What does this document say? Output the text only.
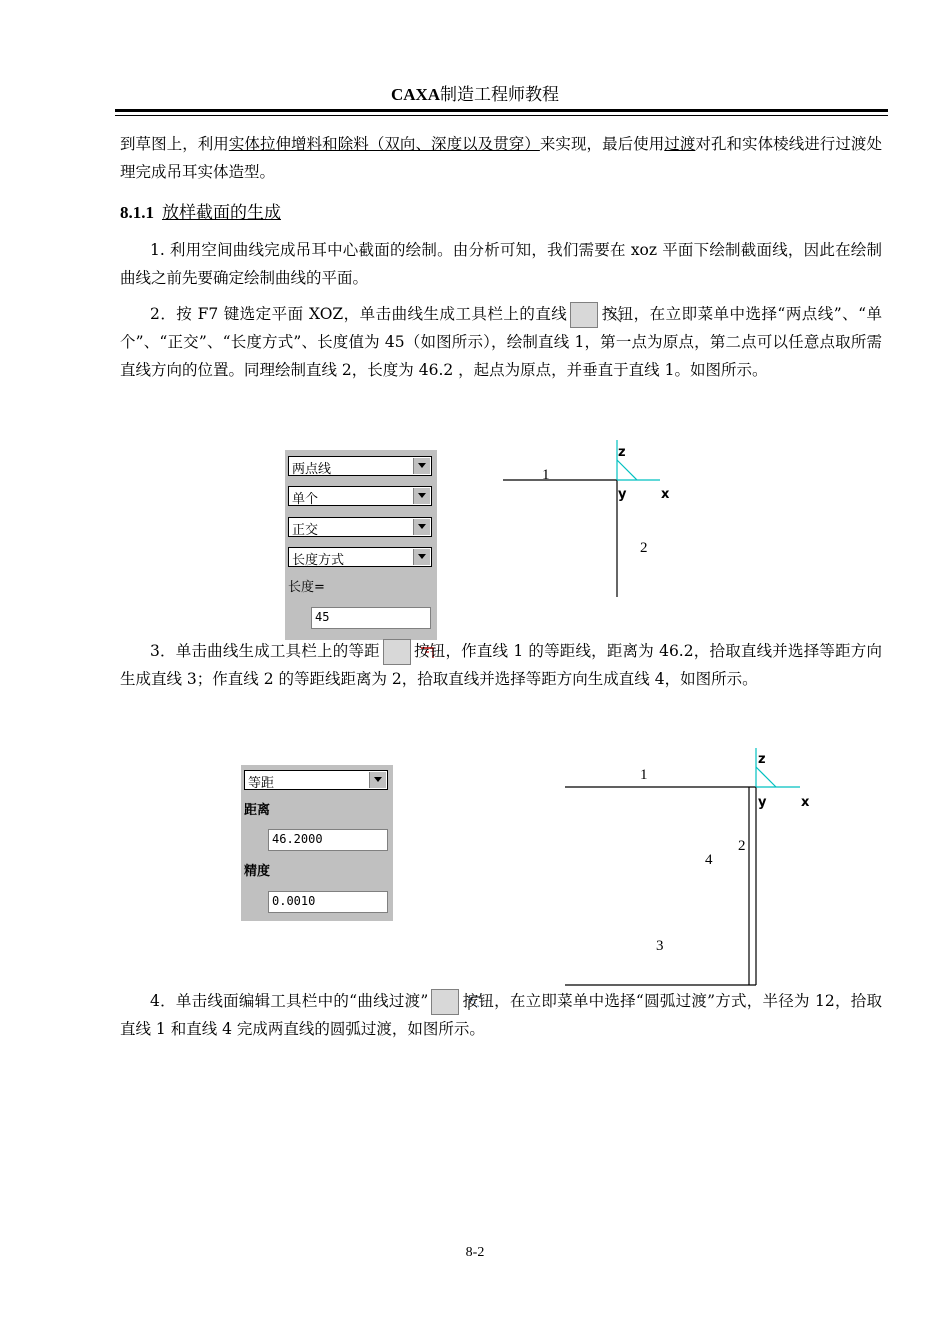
CAXA制造工程师教程
到草图上，利用实体拉伸增料和除料（双向、深度以及贯穿）来实现，最后使用过渡对孔和实体棱线进行过渡处理完成吊耳实体造型。
8.1.1 放样截面的生成
1. 利用空间曲线完成吊耳中心截面的绘制。由分析可知，我们需要在 xoz 平面下绘制截面线，因此在绘制曲线之前先要确定绘制曲线的平面。
2．按 F7 键选定平面 XOZ，单击曲线生成工具栏上的直线 按钮，在立即菜单中选择“两点线”、“单个”、“正交”、“长度方式”、长度值为 45（如图所示），绘制直线 1，第一点为原点，第二点可以任意点取所需直线方向的位置。同理绘制直线 2，长度为 46.2 ，起点为原点，并垂直于直线 1。如图所示。
两点线
单个
正交
长度方式
长度=
45
z
y	x
1
2
3．单击曲线生成工具栏上的等距 按钮，作直线 1 的等距线，距离为 46.2，拾取直线并选择等距方向生成直线 3；作直线 2 的等距线距离为 2，拾取直线并选择等距方向生成直线 4，如图所示。
等距
距离
46.2000
精度
0.0010
z
y	x
1
2
4
3
4．单击线面编辑工具栏中的“曲线过渡” 按钮，在立即菜单中选择“圆弧过渡”方式，半径为 12，拾取直线 1 和直线 4 完成两直线的圆弧过渡，如图所示。
8-2
